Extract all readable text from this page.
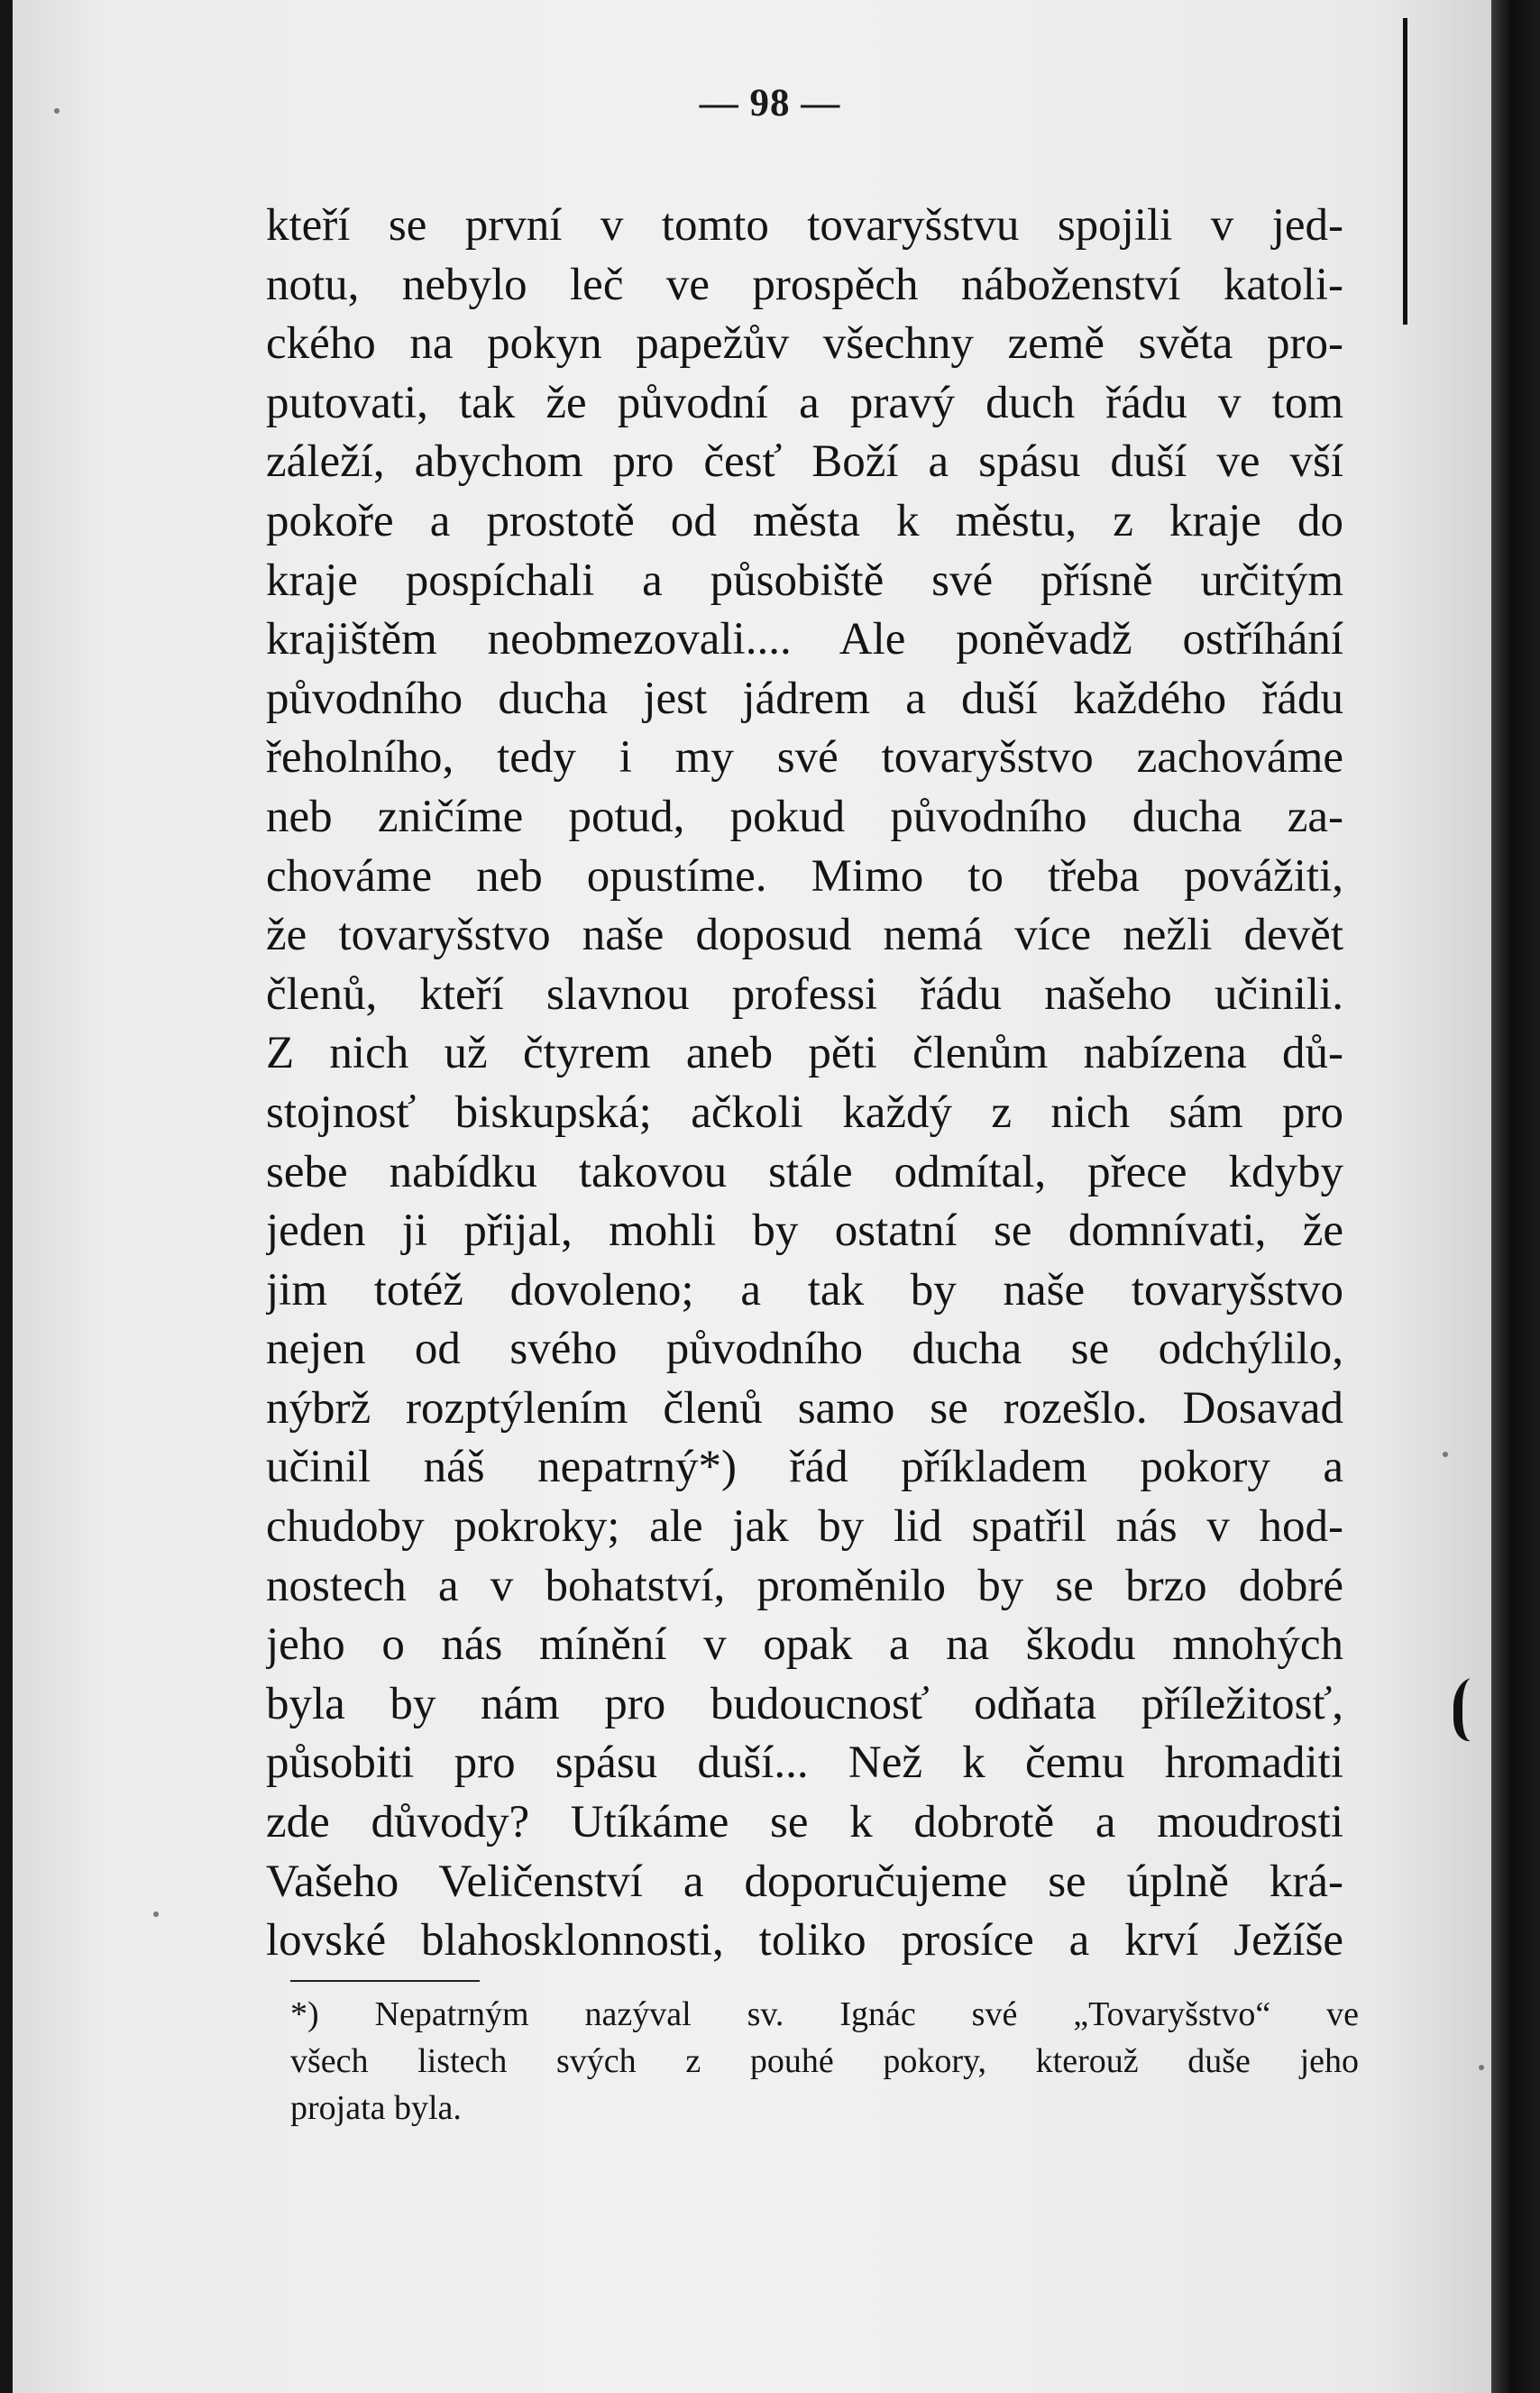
— 98 —
kteří se první v tomto tovaryšstvu spojili v jed-
notu, nebylo leč ve prospěch náboženství katoli-
ckého na pokyn papežův všechny země světa pro-
putovati, tak že původní a pravý duch řádu v tom
záleží, abychom pro česť Boží a spásu duší ve vší
pokoře a prostotě od města k městu, z kraje do
kraje pospíchali a působiště své přísně určitým
krajištěm neobmezovali.... Ale poněvadž ostříhání
původního ducha jest jádrem a duší každého řádu
řeholního, tedy i my své tovaryšstvo zachováme
neb zničíme potud, pokud původního ducha za-
chováme neb opustíme. Mimo to třeba povážiti,
že tovaryšstvo naše doposud nemá více nežli devět
členů, kteří slavnou professi řádu našeho učinili.
Z nich už čtyrem aneb pěti členům nabízena dů-
stojnosť biskupská; ačkoli každý z nich sám pro
sebe nabídku takovou stále odmítal, přece kdyby
jeden ji přijal, mohli by ostatní se domnívati, že
jim totéž dovoleno; a tak by naše tovaryšstvo
nejen od svého původního ducha se odchýlilo,
nýbrž rozptýlením členů samo se rozešlo. Dosavad
učinil náš nepatrný*) řád příkladem pokory a
chudoby pokroky; ale jak by lid spatřil nás v hod-
nostech a v bohatství, proměnilo by se brzo dobré
jeho o nás mínění v opak a na škodu mnohých
byla by nám pro budoucnosť odňata příležitosť,
působiti pro spásu duší... Než k čemu hromaditi
zde důvody? Utíkáme se k dobrotě a moudrosti
Vašeho Veličenství a doporučujeme se úplně krá-
lovské blahosklonnosti, toliko prosíce a krví Ježíše
*) Nepatrným nazýval sv. Ignác své „Tovaryšstvo“ ve
všech listech svých z pouhé pokory, kterouž duše jeho
projata byla.
